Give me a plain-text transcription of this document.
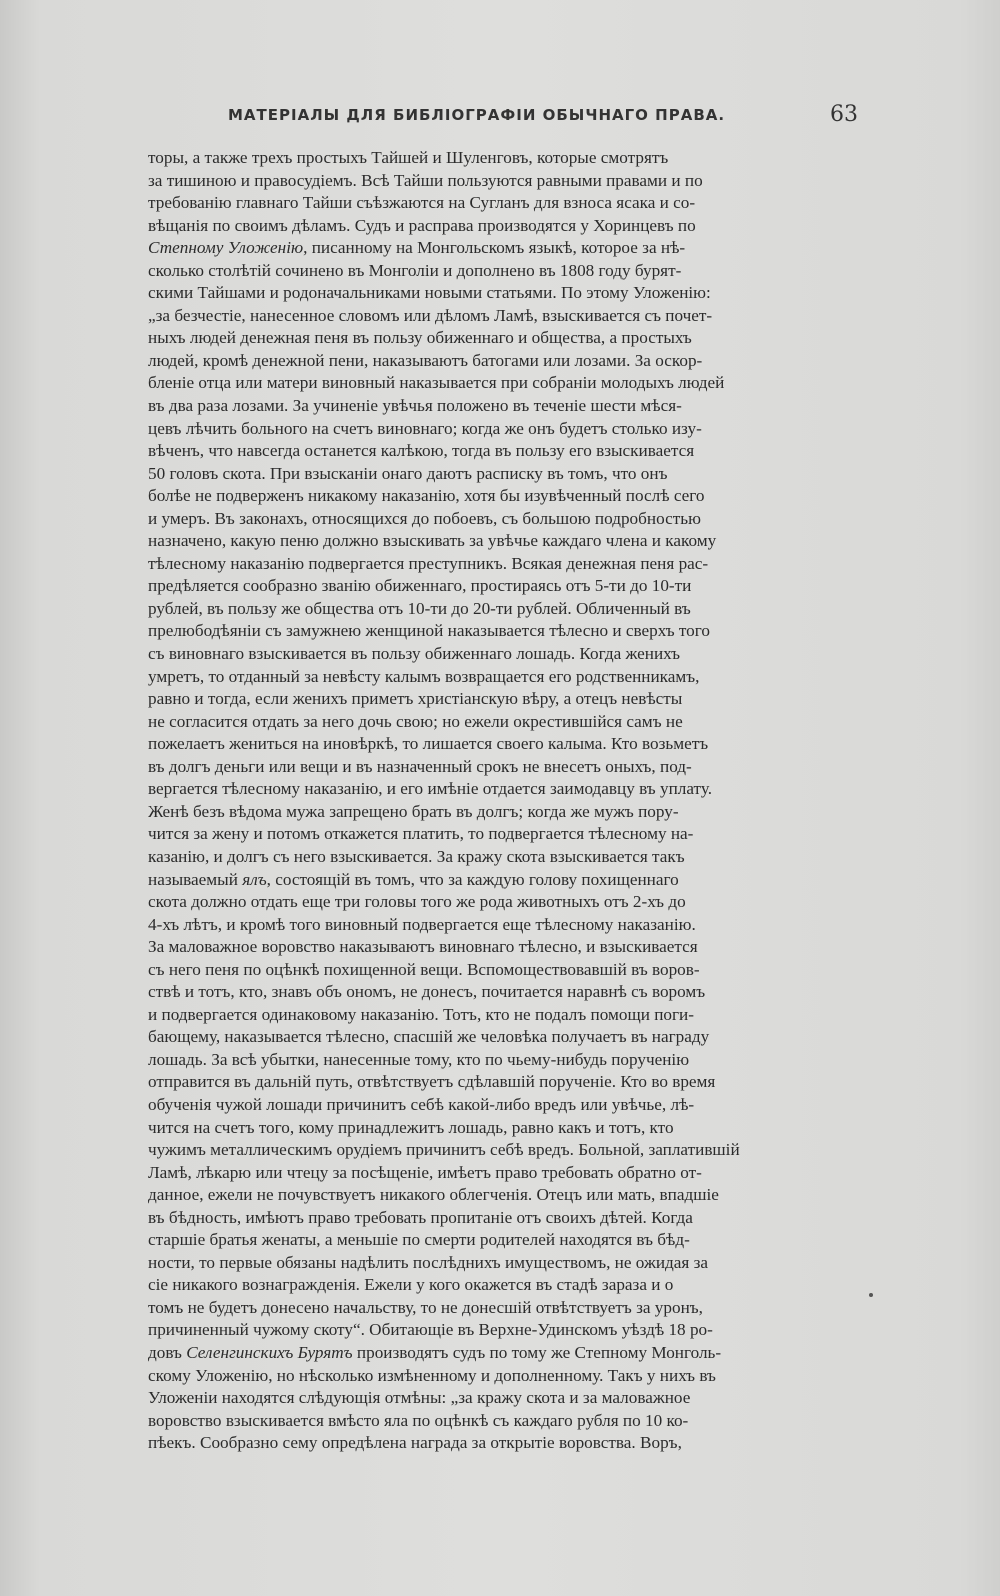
МАТЕРІАЛЫ ДЛЯ БИБЛІОГРАФІИ ОБЫЧНАГО ПРАВА.	63
торы, а также трехъ простыхъ Тайшей и Шуленговъ, которые смотрятъ
за тишиною и правосудіемъ. Всѣ Тайши пользуются равными правами и по
требованію главнаго Тайши съѣзжаются на Сугланъ для взноса ясака и со-
вѣщанія по своимъ дѣламъ. Судъ и расправа производятся у Хоринцевъ по
Степному Уложенію, писанному на Монгольскомъ языкѣ, которое за нѣ-
сколько столѣтій сочинено въ Монголіи и дополнено въ 1808 году бурят-
скими Тайшами и родоначальниками новыми статьями. По этому Уложенію:
„за безчестіе, нанесенное словомъ или дѣломъ Ламѣ, взыскивается съ почет-
ныхъ людей денежная пеня въ пользу обиженнаго и общества, а простыхъ
людей, кромѣ денежной пени, наказываютъ батогами или лозами. За оскор-
бленіе отца или матери виновный наказывается при собраніи молодыхъ людей
въ два раза лозами. За учиненіе увѣчья положено въ теченіе шести мѣся-
цевъ лѣчить больного на счетъ виновнаго; когда же онъ будетъ столько изу-
вѣченъ, что навсегда останется калѣкою, тогда въ пользу его взыскивается
50 головъ скота. При взысканіи онаго даютъ расписку въ томъ, что онъ
болѣе не подверженъ никакому наказанію, хотя бы изувѣченный послѣ сего
и умеръ. Въ законахъ, относящихся до побоевъ, съ большою подробностью
назначено, какую пеню должно взыскивать за увѣчье каждаго члена и какому
тѣлесному наказанію подвергается преступникъ. Всякая денежная пеня рас-
предѣляется сообразно званію обиженнаго, простираясь отъ 5-ти до 10-ти
рублей, въ пользу же общества отъ 10-ти до 20-ти рублей. Обличенный въ
прелюбодѣяніи съ замужнею женщиной наказывается тѣлесно и сверхъ того
съ виновнаго взыскивается въ пользу обиженнаго лошадь. Когда женихъ
умретъ, то отданный за невѣсту калымъ возвращается его родственникамъ,
равно и тогда, если женихъ приметъ христіанскую вѣру, а отецъ невѣсты
не согласится отдать за него дочь свою; но ежели окрестившійся самъ не
пожелаетъ жениться на иновѣркѣ, то лишается своего калыма. Кто возьметъ
въ долгъ деньги или вещи и въ назначенный срокъ не внесетъ оныхъ, под-
вергается тѣлесному наказанію, и его имѣніе отдается заимодавцу въ уплату.
Женѣ безъ вѣдома мужа запрещено брать въ долгъ; когда же мужъ пору-
чится за жену и потомъ откажется платить, то подвергается тѣлесному на-
казанію, и долгъ съ него взыскивается. За кражу скота взыскивается такъ
называемый ялъ, состоящій въ томъ, что за каждую голову похищеннаго
скота должно отдать еще три головы того же рода животныхъ отъ 2-хъ до
4-хъ лѣтъ, и кромѣ того виновный подвергается еще тѣлесному наказанію.
За маловажное воровство наказываютъ виновнаго тѣлесно, и взыскивается
съ него пеня по оцѣнкѣ похищенной вещи. Вспомоществовавшій въ воров-
ствѣ и тотъ, кто, знавъ объ ономъ, не донесъ, почитается наравнѣ съ воромъ
и подвергается одинаковому наказанію. Тотъ, кто не подалъ помощи поги-
бающему, наказывается тѣлесно, спасшій же человѣка получаетъ въ награду
лошадь. За всѣ убытки, нанесенные тому, кто по чьему-нибудь порученію
отправится въ дальній путь, отвѣтствуетъ сдѣлавшій порученіе. Кто во время
обученія чужой лошади причинитъ себѣ какой-либо вредъ или увѣчье, лѣ-
чится на счетъ того, кому принадлежитъ лошадь, равно какъ и тотъ, кто
чужимъ металлическимъ орудіемъ причинитъ себѣ вредъ. Больной, заплатившій
Ламѣ, лѣкарю или чтецу за посѣщеніе, имѣетъ право требовать обратно от-
данное, ежели не почувствуетъ никакого облегченія. Отецъ или мать, впадшіе
въ бѣдность, имѣютъ право требовать пропитаніе отъ своихъ дѣтей. Когда
старшіе братья женаты, а меньшіе по смерти родителей находятся въ бѣд-
ности, то первые обязаны надѣлить послѣднихъ имуществомъ, не ожидая за
сіе никакого вознагражденія. Ежели у кого окажется въ стадѣ зараза и о
томъ не будетъ донесено начальству, то не донесшій отвѣтствуетъ за уронъ,
причиненный чужому скоту“. Обитающіе въ Верхне-Удинскомъ уѣздѣ 18 ро-
довъ Селенгинскихъ Бурятъ производятъ судъ по тому же Степному Монголь-
скому Уложенію, но нѣсколько измѣненному и дополненному. Такъ у нихъ въ
Уложеніи находятся слѣдующія отмѣны: „за кражу скота и за маловажное
воровство взыскивается вмѣсто яла по оцѣнкѣ съ каждаго рубля по 10 ко-
пѣекъ. Сообразно сему опредѣлена награда за открытіе воровства. Воръ,
